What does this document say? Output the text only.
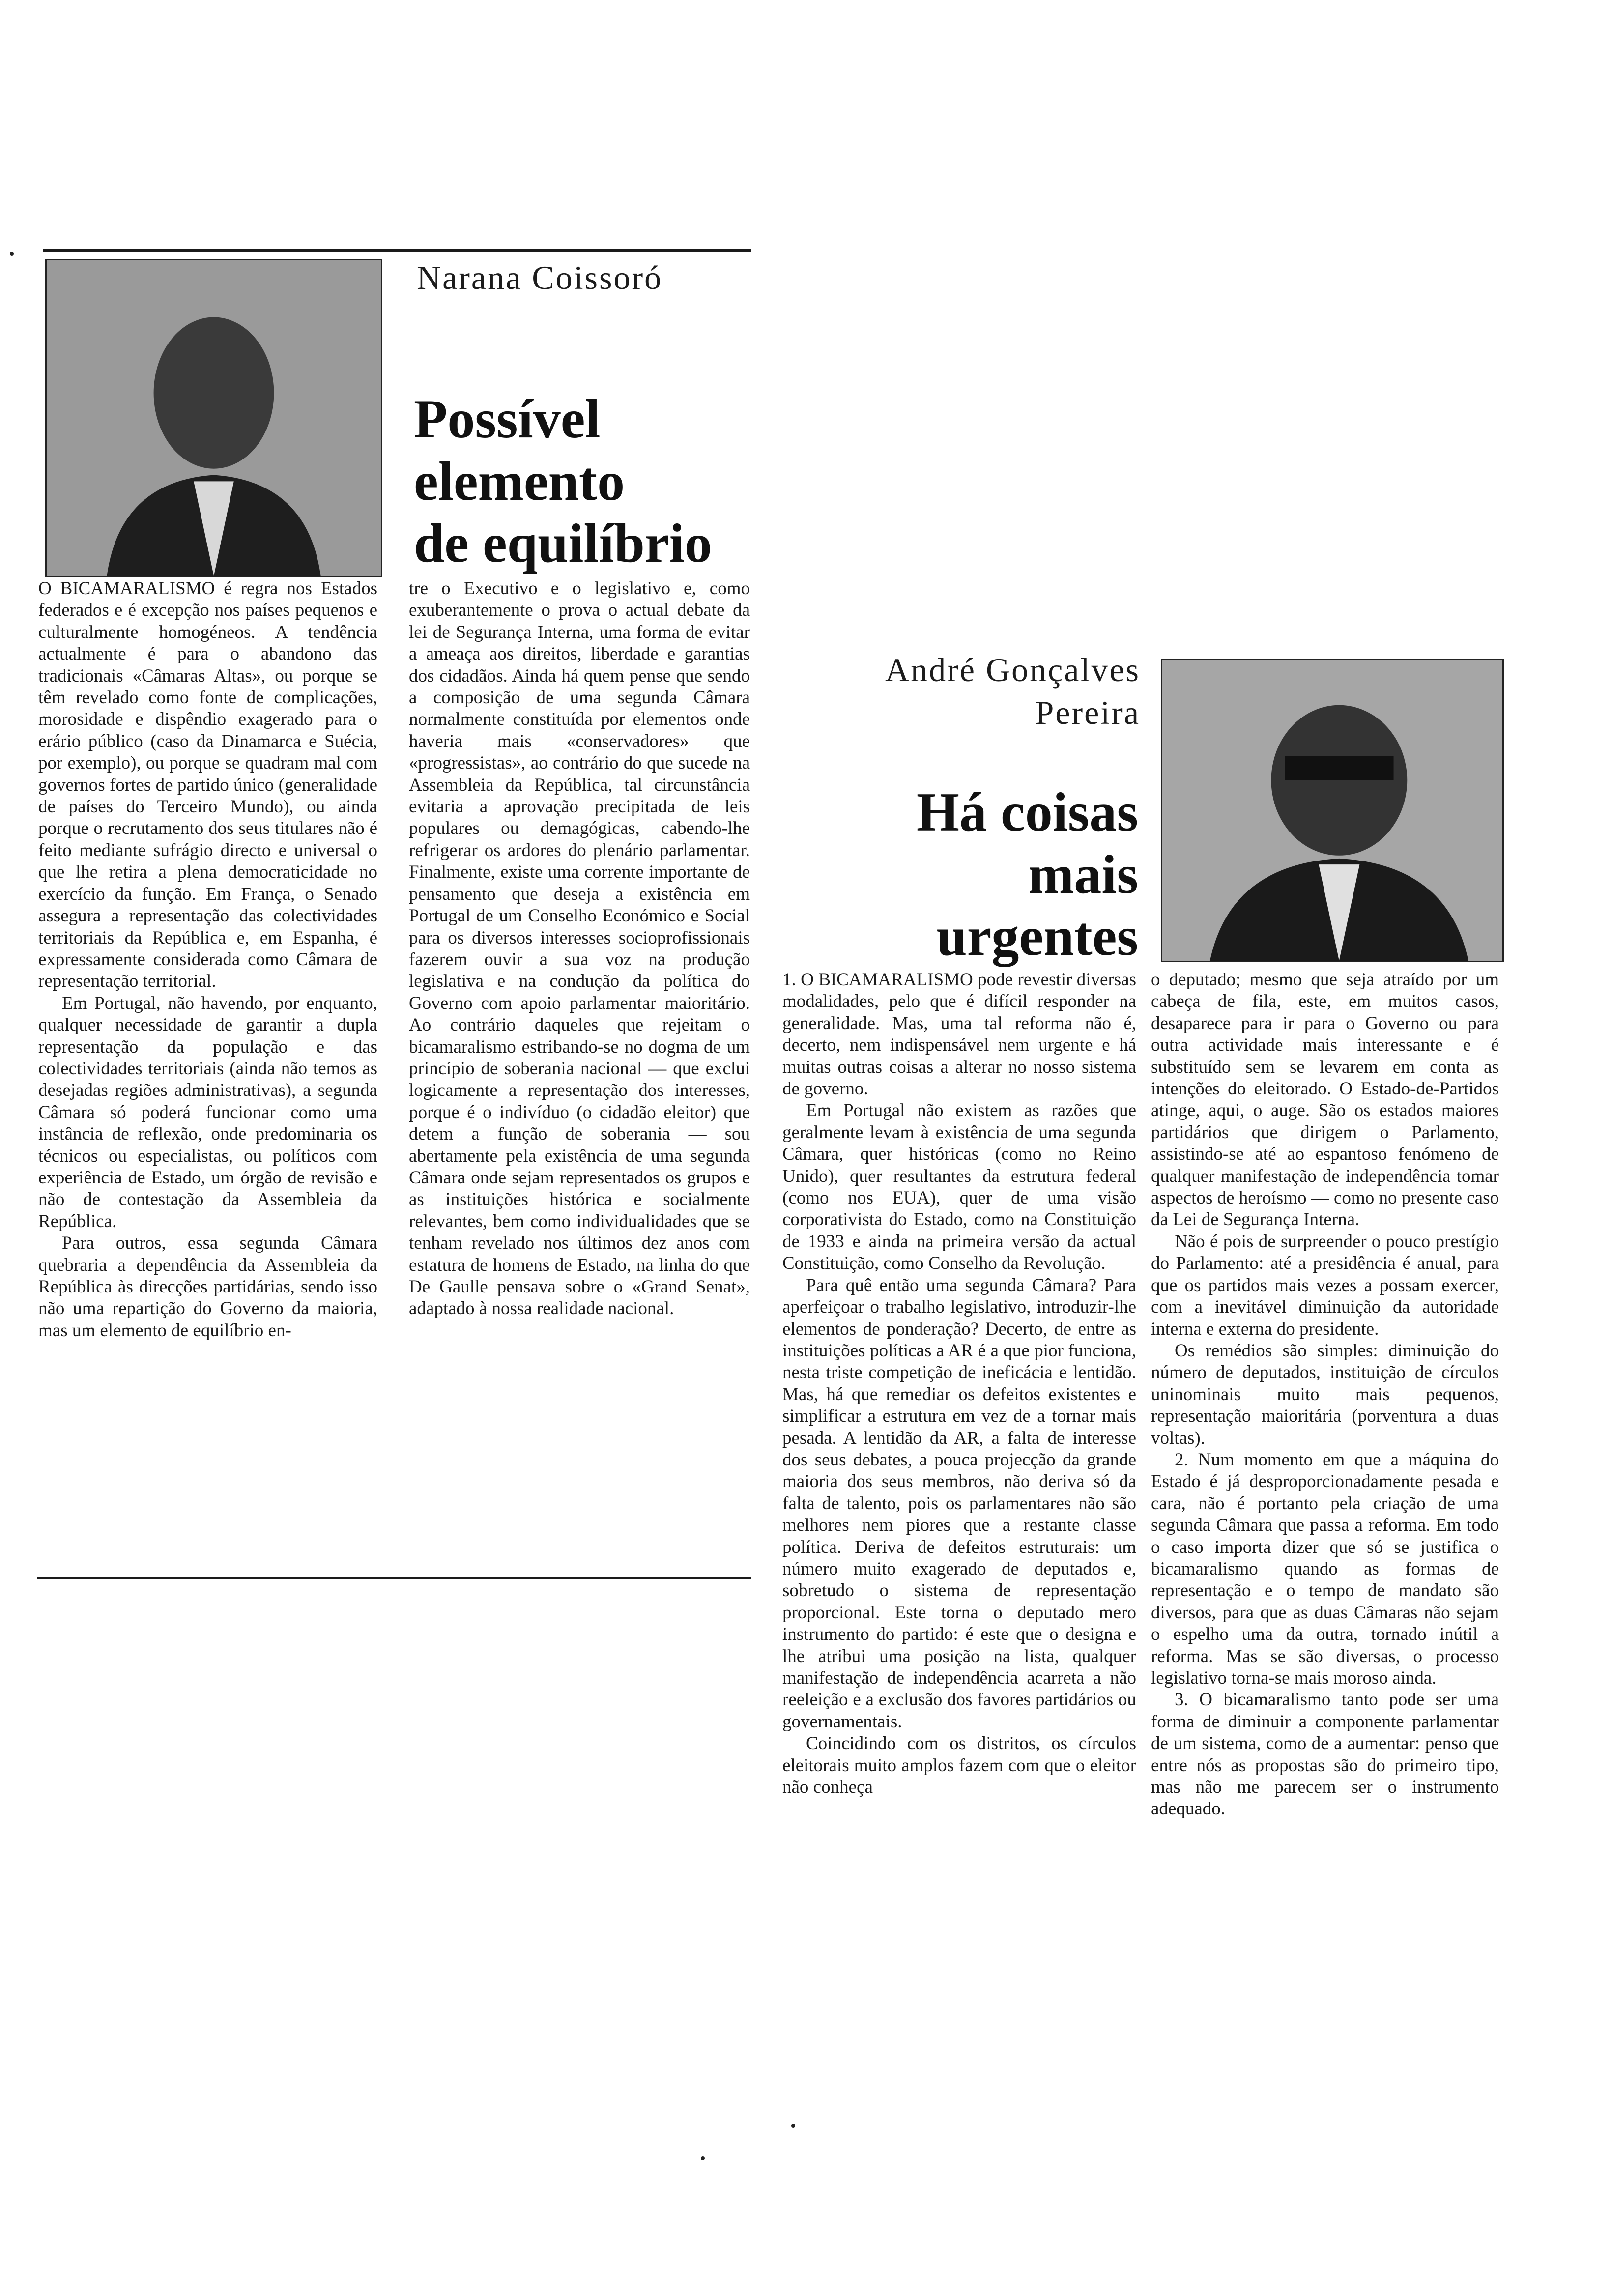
Narana Coissoró
Possível
elemento
de equilíbrio

O BICAMARALISMO é regra nos Estados federados e é excepção nos países pequenos e culturalmente homogéneos. A tendência actualmente é para o abandono das tradicionais «Câmaras Altas», ou porque se têm revelado como fonte de complicações, morosidade e dispêndio exagerado para o erário público (caso da Dinamarca e Suécia, por exemplo), ou porque se quadram mal com governos fortes de partido único (generalidade de países do Terceiro Mundo), ou ainda porque o recrutamento dos seus titulares não é feito mediante sufrágio directo e universal o que lhe retira a plena democraticidade no exercício da função. Em França, o Senado assegura a representação das colectividades territoriais da República e, em Espanha, é expressamente considerada como Câmara de representação territorial.

Em Portugal, não havendo, por enquanto, qualquer necessidade de garantir a dupla representação da população e das colectividades territoriais (ainda não temos as desejadas regiões administrativas), a segunda Câmara só poderá funcionar como uma instância de reflexão, onde predominaria os técnicos ou especialistas, ou políticos com experiência de Estado, um órgão de revisão e não de contestação da Assembleia da República.

Para outros, essa segunda Câmara quebraria a dependência da Assembleia da República às direcções partidárias, sendo isso não uma repartição do Governo da maioria, mas um elemento de equilíbrio en-

tre o Executivo e o legislativo e, como exuberantemente o prova o actual debate da lei de Segurança Interna, uma forma de evitar a ameaça aos direitos, liberdade e garantias dos cidadãos. Ainda há quem pense que sendo a composição de uma segunda Câmara normalmente constituída por elementos onde haveria mais «conservadores» que «progressistas», ao contrário do que sucede na Assembleia da República, tal circunstância evitaria a aprovação precipitada de leis populares ou demagógicas, cabendo-lhe refrigerar os ardores do plenário parlamentar. Finalmente, existe uma corrente importante de pensamento que deseja a existência em Portugal de um Conselho Económico e Social para os diversos interesses socioprofissionais fazerem ouvir a sua voz na produção legislativa e na condução da política do Governo com apoio parlamentar maioritário. Ao contrário daqueles que rejeitam o bicamaralismo estribando-se no dogma de um princípio de soberania nacional — que exclui logicamente a representação dos interesses, porque é o indivíduo (o cidadão eleitor) que detem a função de soberania — sou abertamente pela existência de uma segunda Câmara onde sejam representados os grupos e as instituições histórica e socialmente relevantes, bem como individualidades que se tenham revelado nos últimos dez anos com estatura de homens de Estado, na linha do que De Gaulle pensava sobre o «Grand Senat», adaptado à nossa realidade nacional.

André Gonçalves
Pereira
Há coisas
mais
urgentes

1. O BICAMARALISMO pode revestir diversas modalidades, pelo que é difícil responder na generalidade. Mas, uma tal reforma não é, decerto, nem indispensável nem urgente e há muitas outras coisas a alterar no nosso sistema de governo.

Em Portugal não existem as razões que geralmente levam à existência de uma segunda Câmara, quer históricas (como no Reino Unido), quer resultantes da estrutura federal (como nos EUA), quer de uma visão corporativista do Estado, como na Constituição de 1933 e ainda na primeira versão da actual Constituição, como Conselho da Revolução.

Para quê então uma segunda Câmara? Para aperfeiçoar o trabalho legislativo, introduzir-lhe elementos de ponderação? Decerto, de entre as instituições políticas a AR é a que pior funciona, nesta triste competição de ineficácia e lentidão. Mas, há que remediar os defeitos existentes e simplificar a estrutura em vez de a tornar mais pesada. A lentidão da AR, a falta de interesse dos seus debates, a pouca projecção da grande maioria dos seus membros, não deriva só da falta de talento, pois os parlamentares não são melhores nem piores que a restante classe política. Deriva de defeitos estruturais: um número muito exagerado de deputados e, sobretudo o sistema de representação proporcional. Este torna o deputado mero instrumento do partido: é este que o designa e lhe atribui uma posição na lista, qualquer manifestação de independência acarreta a não reeleição e a exclusão dos favores partidários ou governamentais.

Coincidindo com os distritos, os círculos eleitorais muito amplos fazem com que o eleitor não conheça

o deputado; mesmo que seja atraído por um cabeça de fila, este, em muitos casos, desaparece para ir para o Governo ou para outra actividade mais interessante e é substituído sem se levarem em conta as intenções do eleitorado. O Estado-de-Partidos atinge, aqui, o auge. São os estados maiores partidários que dirigem o Parlamento, assistindo-se até ao espantoso fenómeno de qualquer manifestação de independência tomar aspectos de heroísmo — como no presente caso da Lei de Segurança Interna.

Não é pois de surpreender o pouco prestígio do Parlamento: até a presidência é anual, para que os partidos mais vezes a possam exercer, com a inevitável diminuição da autoridade interna e externa do presidente.

Os remédios são simples: diminuição do número de deputados, instituição de círculos uninominais muito mais pequenos, representação maioritária (porventura a duas voltas).

2. Num momento em que a máquina do Estado é já desproporcionadamente pesada e cara, não é portanto pela criação de uma segunda Câmara que passa a reforma. Em todo o caso importa dizer que só se justifica o bicamaralismo quando as formas de representação e o tempo de mandato são diversos, para que as duas Câmaras não sejam o espelho uma da outra, tornado inútil a reforma. Mas se são diversas, o processo legislativo torna-se mais moroso ainda.

3. O bicamaralismo tanto pode ser uma forma de diminuir a componente parlamentar de um sistema, como de a aumentar: penso que entre nós as propostas são do primeiro tipo, mas não me parecem ser o instrumento adequado.
